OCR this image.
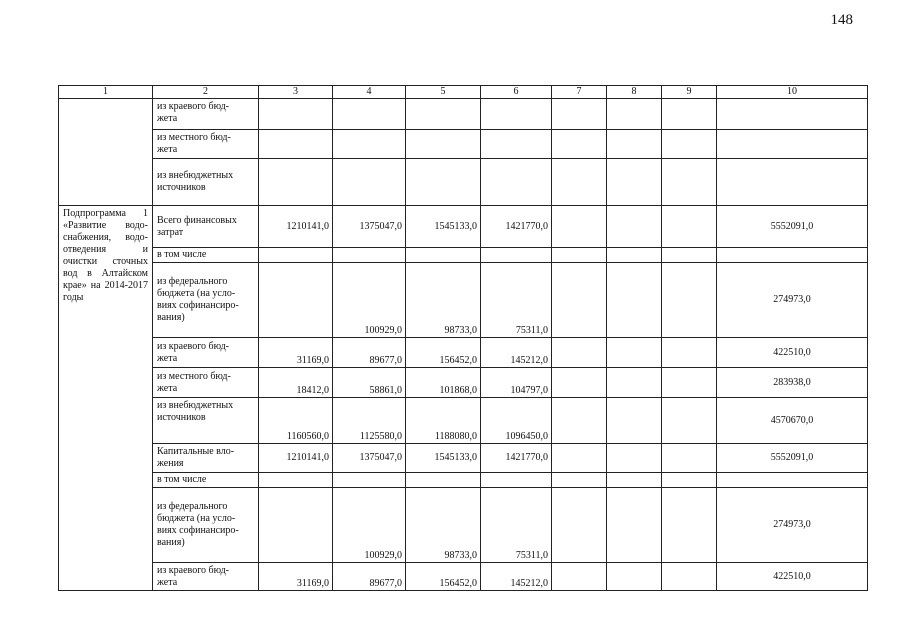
148
1	2	3	4	5	6	7	8	9	10
	из краевого бюд-
жета								
	из местного бюд-
жета								
	из внебюджетных
источников								
Подпрограмма 1 «Развитие водо-снабжения, водо-отведения и очистки сточных вод в Алтайском крае» на 2014-2017 годы	Всего финансовых
затрат	1210141,0	1375047,0	1545133,0	1421770,0				5552091,0
	в том числе								
	из федерального
бюджета (на усло-
виях софинансиро-
вания)		100929,0	98733,0	75311,0				274973,0
	из краевого бюд-
жета	31169,0	89677,0	156452,0	145212,0				422510,0
	из местного бюд-
жета	18412,0	58861,0	101868,0	104797,0				283938,0
	из внебюджетных
источников	1160560,0	1125580,0	1188080,0	1096450,0				4570670,0
	Капитальные вло-
жения	1210141,0	1375047,0	1545133,0	1421770,0				5552091,0
	в том числе								
	из федерального
бюджета (на усло-
виях софинансиро-
вания)		100929,0	98733,0	75311,0				274973,0
	из краевого бюд-
жета	31169,0	89677,0	156452,0	145212,0				422510,0
